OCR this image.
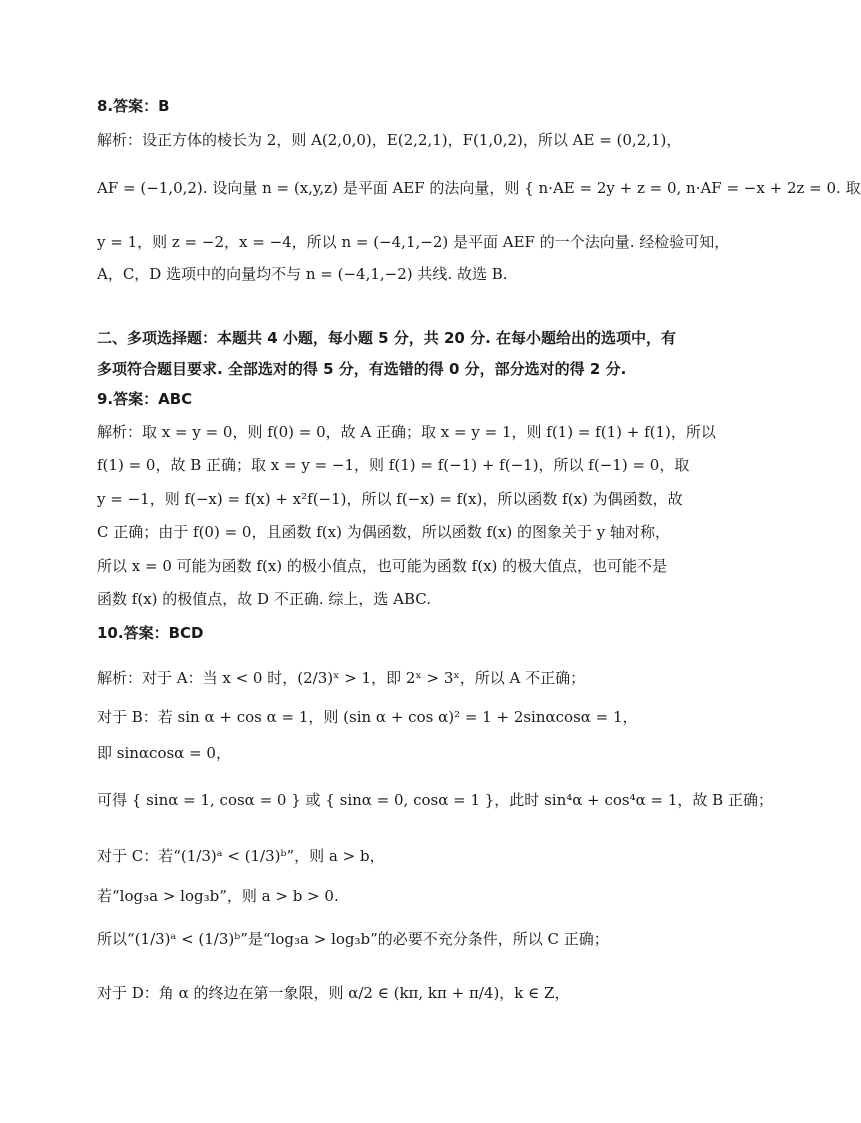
8.答案：B
解析：设正方体的棱长为 2，则 A(2,0,0)，E(2,2,1)，F(1,0,2)，所以 AE = (0,2,1)，
AF = (−1,0,2). 设向量 n = (x,y,z) 是平面 AEF 的法向量，则 { n·AE = 2y + z = 0, n·AF = −x + 2z = 0. 取
y = 1，则 z = −2，x = −4，所以 n = (−4,1,−2) 是平面 AEF 的一个法向量. 经检验可知，
A，C，D 选项中的向量均不与 n = (−4,1,−2) 共线. 故选 B.
二、多项选择题：本题共 4 小题，每小题 5 分，共 20 分. 在每小题给出的选项中，有
多项符合题目要求. 全部选对的得 5 分，有选错的得 0 分，部分选对的得 2 分.
9.答案：ABC
解析：取 x = y = 0，则 f(0) = 0，故 A 正确；取 x = y = 1，则 f(1) = f(1) + f(1)，所以
f(1) = 0，故 B 正确；取 x = y = −1，则 f(1) = f(−1) + f(−1)，所以 f(−1) = 0，取
y = −1，则 f(−x) = f(x) + x²f(−1)，所以 f(−x) = f(x)，所以函数 f(x) 为偶函数，故
C 正确；由于 f(0) = 0，且函数 f(x) 为偶函数，所以函数 f(x) 的图象关于 y 轴对称，
所以 x = 0 可能为函数 f(x) 的极小值点，也可能为函数 f(x) 的极大值点，也可能不是
函数 f(x) 的极值点，故 D 不正确. 综上，选 ABC.
10.答案：BCD
解析：对于 A：当 x < 0 时，(2/3)ˣ > 1，即 2ˣ > 3ˣ，所以 A 不正确；
对于 B：若 sin α + cos α = 1，则 (sin α + cos α)² = 1 + 2sinαcosα = 1，
即 sinαcosα = 0，
可得 { sinα = 1, cosα = 0 } 或 { sinα = 0, cosα = 1 }，此时 sin⁴α + cos⁴α = 1，故 B 正确；
对于 C：若“(1/3)ᵃ < (1/3)ᵇ”，则 a > b，
若“log₃a > log₃b”，则 a > b > 0.
所以“(1/3)ᵃ < (1/3)ᵇ”是“log₃a > log₃b”的必要不充分条件，所以 C 正确；
对于 D：角 α 的终边在第一象限，则 α/2 ∈ (kπ, kπ + π/4)，k ∈ Z，
